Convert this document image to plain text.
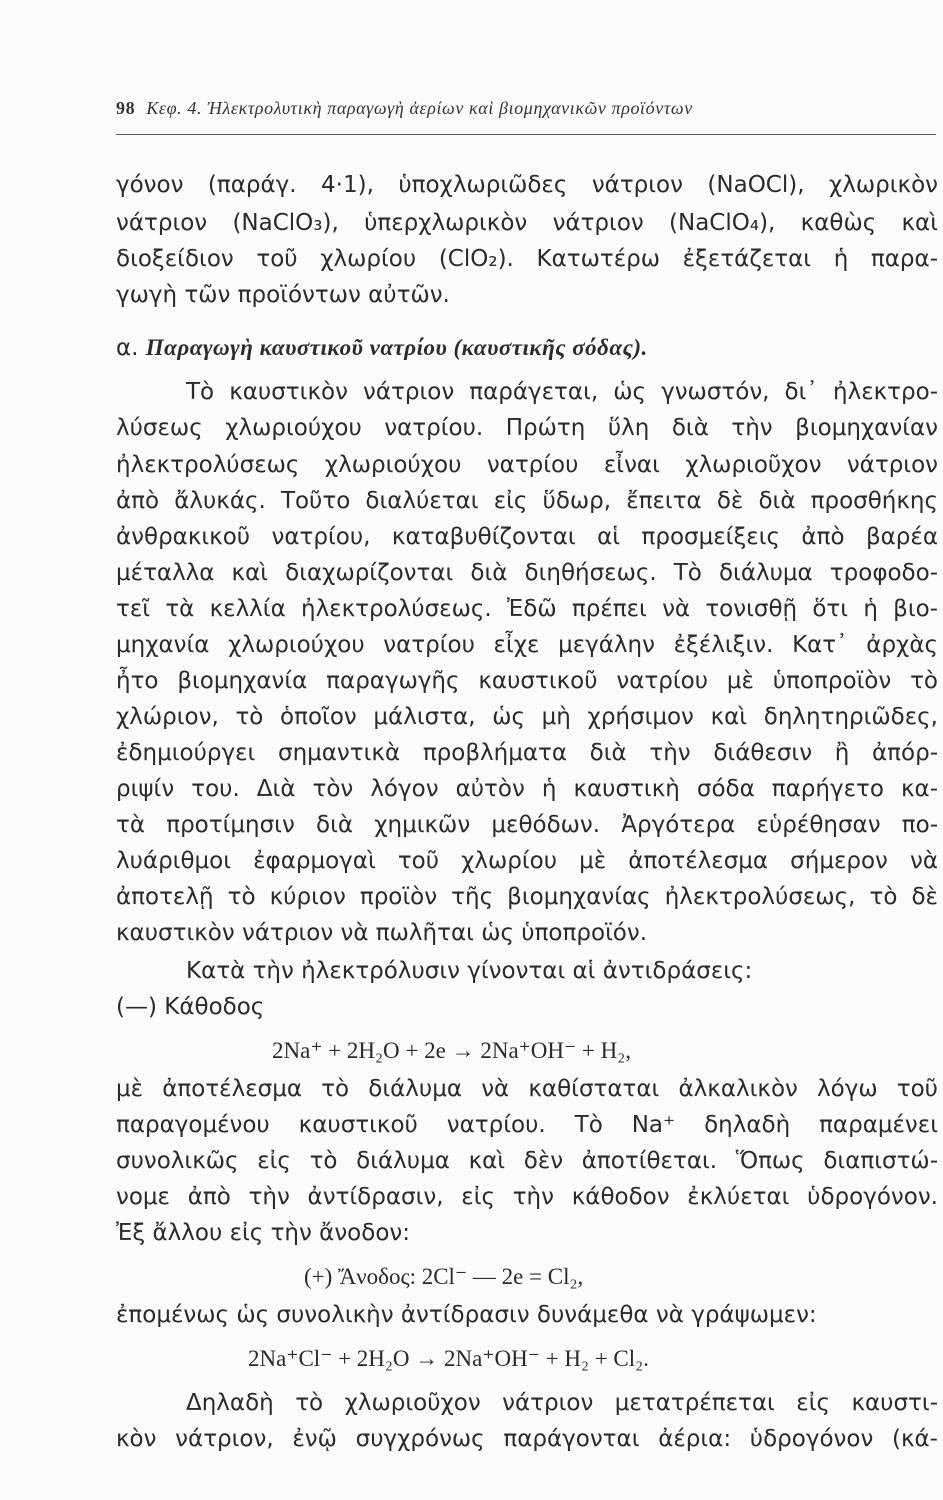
98 Κεφ. 4. Ἠλεκτρολυτικὴ παραγωγὴ ἀερίων καὶ βιομηχανικῶν προϊόντων
γόνον (παράγ. 4·1), ὑποχλωριῶδες νάτριον (NaOCl), χλωρικὸν
νάτριον (NaClO₃), ὑπερχλωρικὸν νάτριον (NaClO₄), καθὼς καὶ
διοξείδιον τοῦ χλωρίου (ClO₂). Κατωτέρω ἐξετάζεται ἡ παρα-
γωγὴ τῶν προϊόντων αὐτῶν.
α. Παραγωγὴ καυστικοῦ νατρίου (καυστικῆς σόδας).
Τὸ καυστικὸν νάτριον παράγεται, ὡς γνωστόν, δι᾿ ἠλεκτρο-
λύσεως χλωριούχου νατρίου. Πρώτη ὕλη διὰ τὴν βιομηχανίαν
ἠλεκτρολύσεως χλωριούχου νατρίου εἶναι χλωριοῦχον νάτριον
ἀπὸ ἄλυκάς. Τοῦτο διαλύεται εἰς ὕδωρ, ἔπειτα δὲ διὰ προσθήκης
ἀνθρακικοῦ νατρίου, καταβυθίζονται αἱ προσμείξεις ἀπὸ βαρέα
μέταλλα καὶ διαχωρίζονται διὰ διηθήσεως. Τὸ διάλυμα τροφοδο-
τεῖ τὰ κελλία ἠλεκτρολύσεως. Ἐδῶ πρέπει νὰ τονισθῇ ὅτι ἡ βιο-
μηχανία χλωριούχου νατρίου εἶχε μεγάλην ἐξέλιξιν. Κατ᾿ ἀρχὰς
ἦτο βιομηχανία παραγωγῆς καυστικοῦ νατρίου μὲ ὑποπροϊὸν τὸ
χλώριον, τὸ ὁποῖον μάλιστα, ὡς μὴ χρήσιμον καὶ δηλητηριῶδες,
ἐδημιούργει σημαντικὰ προβλήματα διὰ τὴν διάθεσιν ἢ ἀπόρ-
ριψίν του. Διὰ τὸν λόγον αὐτὸν ἡ καυστικὴ σόδα παρήγετο κα-
τὰ προτίμησιν διὰ χημικῶν μεθόδων. Ἀργότερα εὑρέθησαν πο-
λυάριθμοι ἐφαρμογαὶ τοῦ χλωρίου μὲ ἀποτέλεσμα σήμερον νὰ
ἀποτελῇ τὸ κύριον προϊὸν τῆς βιομηχανίας ἠλεκτρολύσεως, τὸ δὲ
καυστικὸν νάτριον νὰ πωλῆται ὡς ὑποπροϊόν.
Κατὰ τὴν ἠλεκτρόλυσιν γίνονται αἱ ἀντιδράσεις:
(—) Κάθοδος
2Na⁺ + 2H₂O + 2e → 2Na⁺OH⁻ + H₂,
μὲ ἀποτέλεσμα τὸ διάλυμα νὰ καθίσταται ἀλκαλικὸν λόγω τοῦ
παραγομένου καυστικοῦ νατρίου. Τὸ Na⁺ δηλαδὴ παραμένει
συνολικῶς εἰς τὸ διάλυμα καὶ δὲν ἀποτίθεται. Ὅπως διαπιστώ-
νομε ἀπὸ τὴν ἀντίδρασιν, εἰς τὴν κάθοδον ἐκλύεται ὑδρογόνον.
Ἐξ ἄλλου εἰς τὴν ἄνοδον:
(+) Ἄνοδος: 2Cl⁻ — 2e = Cl₂,
ἐπομένως ὡς συνολικὴν ἀντίδρασιν δυνάμεθα νὰ γράψωμεν:
2Na⁺Cl⁻ + 2H₂O → 2Na⁺OH⁻ + H₂ + Cl₂.
Δηλαδὴ τὸ χλωριοῦχον νάτριον μετατρέπεται εἰς καυστι-
κὸν νάτριον, ἐνῷ συγχρόνως παράγονται ἀέρια: ὑδρογόνον (κά-
